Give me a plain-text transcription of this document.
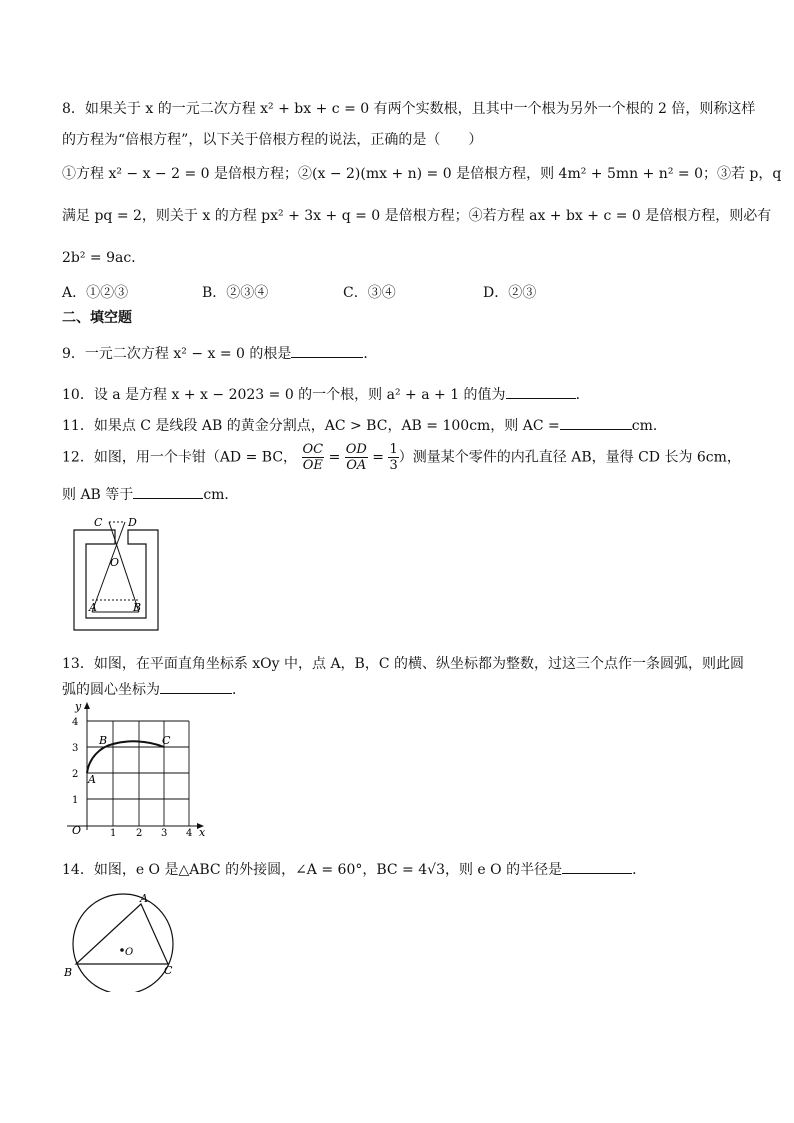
8．如果关于 x 的一元二次方程 x² + bx + c = 0 有两个实数根，且其中一个根为另外一个根的 2 倍，则称这样
的方程为“倍根方程”，以下关于倍根方程的说法，正确的是（　　）
①方程 x² − x − 2 = 0 是倍根方程；②(x − 2)(mx + n) = 0 是倍根方程，则 4m² + 5mn + n² = 0；③若 p，q
满足 pq = 2，则关于 x 的方程 px² + 3x + q = 0 是倍根方程；④若方程 ax + bx + c = 0 是倍根方程，则必有
2b² = 9ac．
A．①②③	B．②③④	C．③④	D．②③
二、填空题
9．一元二次方程 x² − x = 0 的根是	．
10．设 a 是方程 x + x − 2023 = 0 的一个根，则 a² + a + 1 的值为	．
11．如果点 C 是线段 AB 的黄金分割点，AC > BC，AB = 100cm，则 AC =	cm．
12．如图，用一个卡钳（AD = BC， $\frac{OC}{OE} = \frac{OD}{OA} = \frac{1}{3}$ ）测量某个零件的内孔直径 AB，量得 CD 长为 6cm，
则 AB 等于	cm．
C D
O
A	B
13．如图，在平面直角坐标系 xOy 中，点 A，B，C 的横、纵坐标都为整数，过这三个点作一条圆弧，则此圆
弧的圆心坐标为	．
y
x
O	1 2 3 4
1
2
3
4
A
B	C
14．如图，e O 是△ABC 的外接圆，∠A = 60°，BC = 4√3，则 e O 的半径是	．
A
B	C
O
